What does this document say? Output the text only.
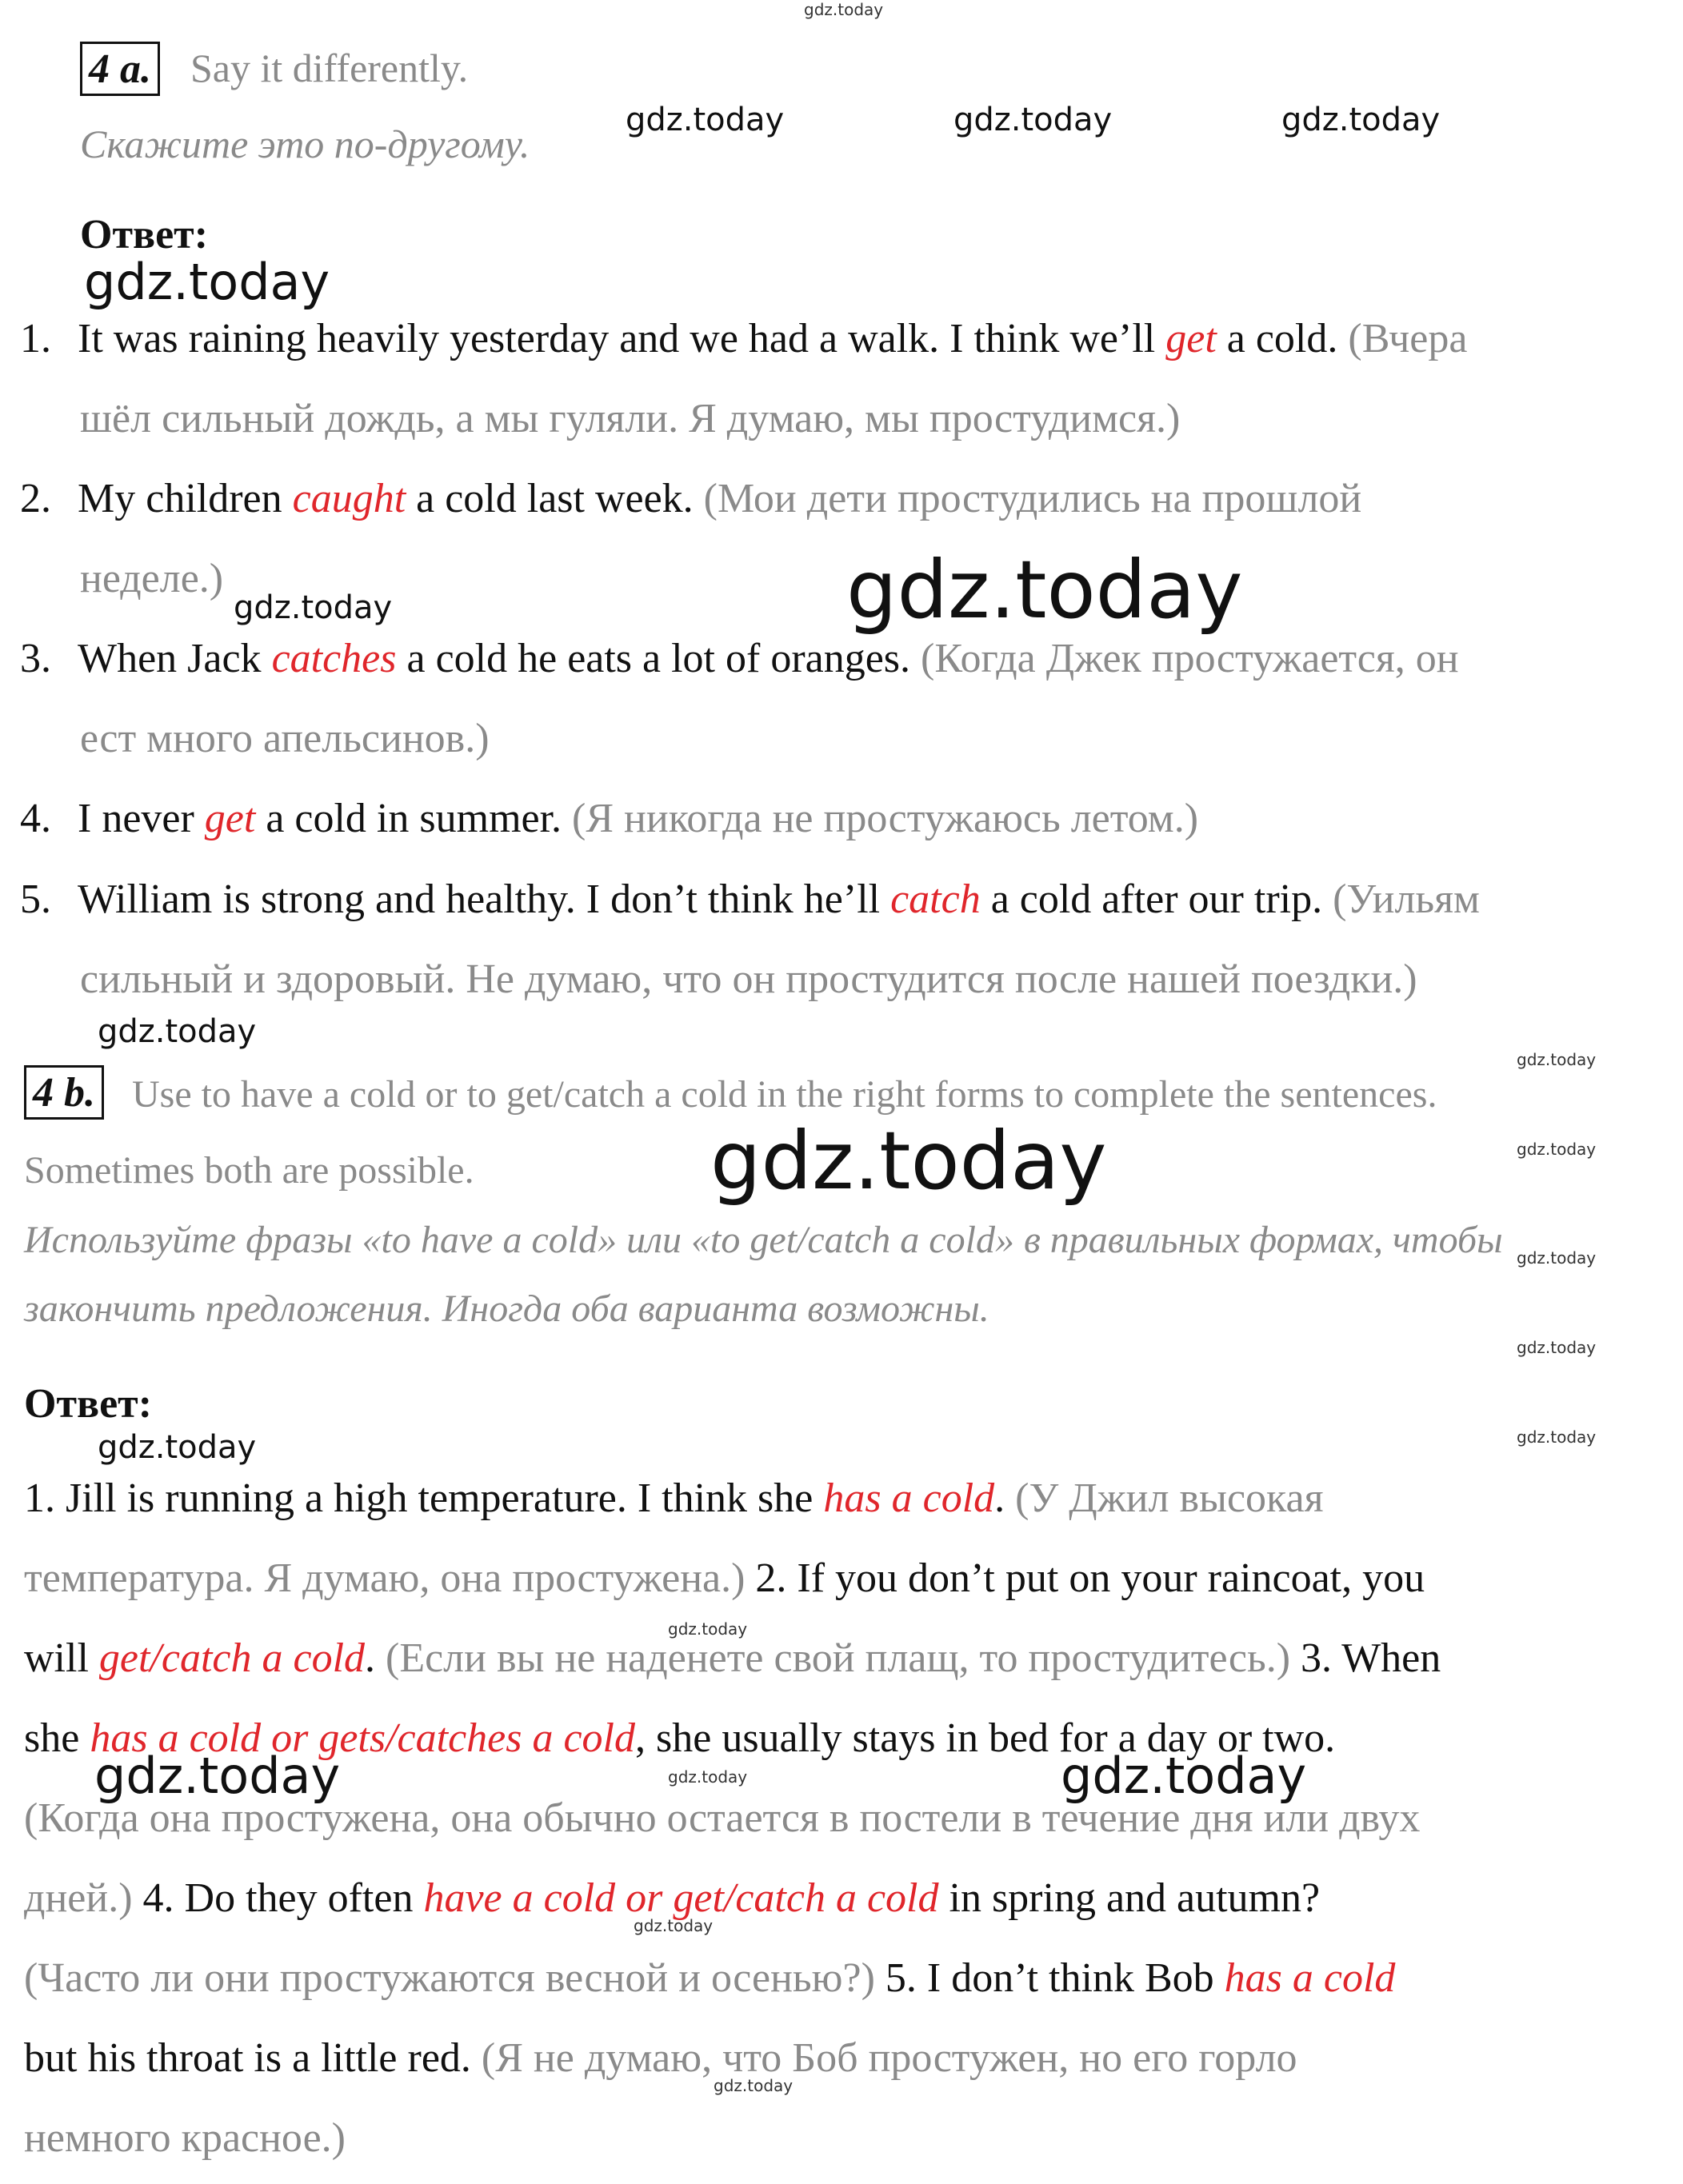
gdz.today
gdz.today	gdz.today	gdz.today
gdz.today
gdz.today	gdz.today
gdz.today
gdz.today
gdz.today	gdz.today
gdz.today
gdz.today
gdz.today
gdz.today
gdz.today
gdz.today	gdz.today	gdz.today
gdz.today
gdz.today
4 a. Say it differently.
Скажите это по-другому.
Ответ:
1. It was raining heavily yesterday and we had a walk. I think we’ll get a cold. (Вчера
шёл сильный дождь, а мы гуляли. Я думаю, мы простудимся.)
2. My children caught a cold last week. (Мои дети простудились на прошлой
неделе.)
3. When Jack catches a cold he eats a lot of oranges. (Когда Джек простужается, он
ест много апельсинов.)
4. I never get a cold in summer. (Я никогда не простужаюсь летом.)
5. William is strong and healthy. I don’t think he’ll catch a cold after our trip. (Уильям
сильный и здоровый. Не думаю, что он простудится после нашей поездки.)
4 b. Use to have a cold or to get/catch a cold in the right forms to complete the sentences.
Sometimes both are possible.
Используйте фразы «to have a cold» или «to get/catch a cold» в правильных формах, чтобы
закончить предложения. Иногда оба варианта возможны.
Ответ:
1. Jill is running a high temperature. I think she has a cold. (У Джил высокая
температура. Я думаю, она простужена.) 2. If you don’t put on your raincoat, you
will get/catch a cold. (Если вы не наденете свой плащ, то простудитесь.) 3. When
she has a cold or gets/catches a cold, she usually stays in bed for a day or two.
(Когда она простужена, она обычно остается в постели в течение дня или двух
дней.) 4. Do they often have a cold or get/catch a cold in spring and autumn?
(Часто ли они простужаются весной и осенью?) 5. I don’t think Bob has a cold
but his throat is a little red. (Я не думаю, что Боб простужен, но его горло
немного красное.)
